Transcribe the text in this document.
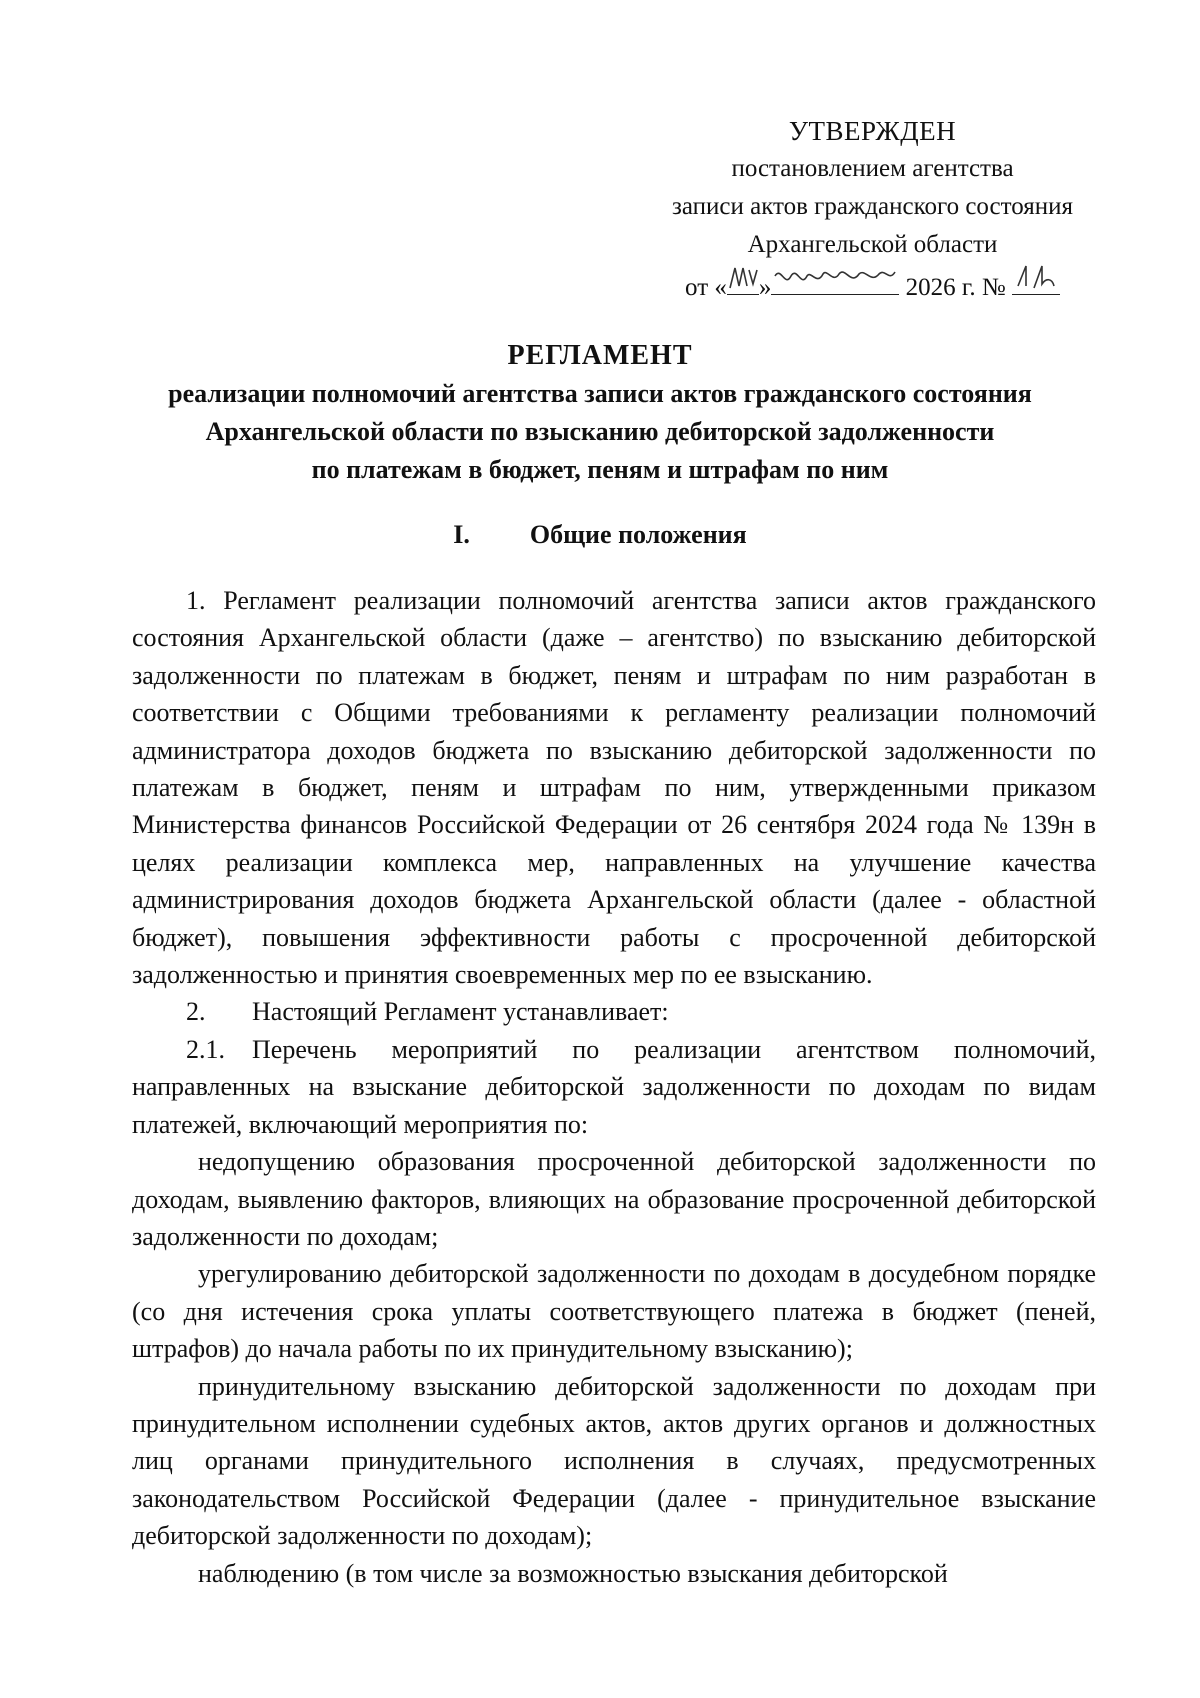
УТВЕРЖДЕН
постановлением агентства
записи актов гражданского состояния
Архангельской области
от « »	2026 г. №
РЕГЛАМЕНТ
реализации полномочий агентства записи актов гражданского состояния
Архангельской области по взысканию дебиторской задолженности
по платежам в бюджет, пеням и штрафам по ним
I. Общие положения

1. Регламент реализации полномочий агентства записи актов гражданского состояния Архангельской области (даже – агентство) по взысканию дебиторской задолженности по платежам в бюджет, пеням и штрафам по ним разработан в соответствии с Общими требованиями к регламенту реализации полномочий администратора доходов бюджета по взысканию дебиторской задолженности по платежам в бюджет, пеням и штрафам по ним, утвержденными приказом Министерства финансов Российской Федерации от 26 сентября 2024 года № 139н в целях реализации комплекса мер, направленных на улучшение качества администрирования доходов бюджета Архангельской области (далее - областной бюджет), повышения эффективности работы с просроченной дебиторской задолженностью и принятия своевременных мер по ее взысканию.

2. Настоящий Регламент устанавливает:

2.1. Перечень мероприятий по реализации агентством полномочий, направленных на взыскание дебиторской задолженности по доходам по видам платежей, включающий мероприятия по:

недопущению образования просроченной дебиторской задолженности по доходам, выявлению факторов, влияющих на образование просроченной дебиторской задолженности по доходам;

урегулированию дебиторской задолженности по доходам в досудебном порядке (со дня истечения срока уплаты соответствующего платежа в бюджет (пеней, штрафов) до начала работы по их принудительному взысканию);

принудительному взысканию дебиторской задолженности по доходам при принудительном исполнении судебных актов, актов других органов и должностных лиц органами принудительного исполнения в случаях, предусмотренных законодательством Российской Федерации (далее - принудительное взыскание дебиторской задолженности по доходам);

наблюдению (в том числе за возможностью взыскания дебиторской
